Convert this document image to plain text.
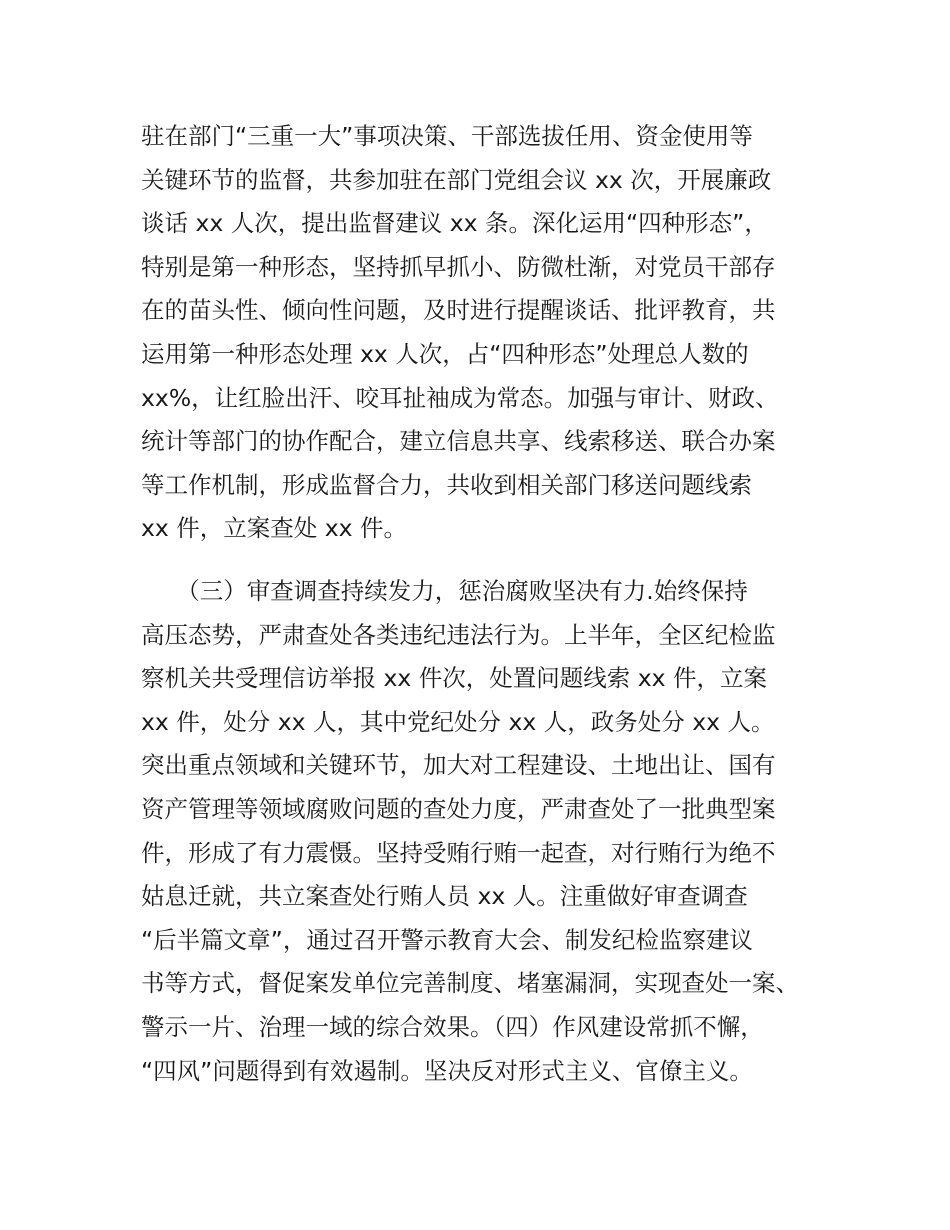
驻在部门“三重一大”事项决策、干部选拔任用、资金使用等
关键环节的监督，共参加驻在部门党组会议 xx 次，开展廉政
谈话 xx 人次，提出监督建议 xx 条。深化运用“四种形态”，
特别是第一种形态，坚持抓早抓小、防微杜渐，对党员干部存
在的苗头性、倾向性问题，及时进行提醒谈话、批评教育，共
运用第一种形态处理 xx 人次，占“四种形态”处理总人数的
xx%，让红脸出汗、咬耳扯袖成为常态。加强与审计、财政、
统计等部门的协作配合，建立信息共享、线索移送、联合办案
等工作机制，形成监督合力，共收到相关部门移送问题线索
xx 件，立案查处 xx 件。
　　（三）审查调查持续发力，惩治腐败坚决有力.始终保持
高压态势，严肃查处各类违纪违法行为。上半年，全区纪检监
察机关共受理信访举报 xx 件次，处置问题线索 xx 件，立案
xx 件，处分 xx 人，其中党纪处分 xx 人，政务处分 xx 人。
突出重点领域和关键环节，加大对工程建设、土地出让、国有
资产管理等领域腐败问题的查处力度，严肃查处了一批典型案
件，形成了有力震慑。坚持受贿行贿一起查，对行贿行为绝不
姑息迁就，共立案查处行贿人员 xx 人。注重做好审查调查
“后半篇文章”，通过召开警示教育大会、制发纪检监察建议
书等方式，督促案发单位完善制度、堵塞漏洞，实现查处一案、
警示一片、治理一域的综合效果。（四）作风建设常抓不懈，
“四风”问题得到有效遏制。坚决反对形式主义、官僚主义。
